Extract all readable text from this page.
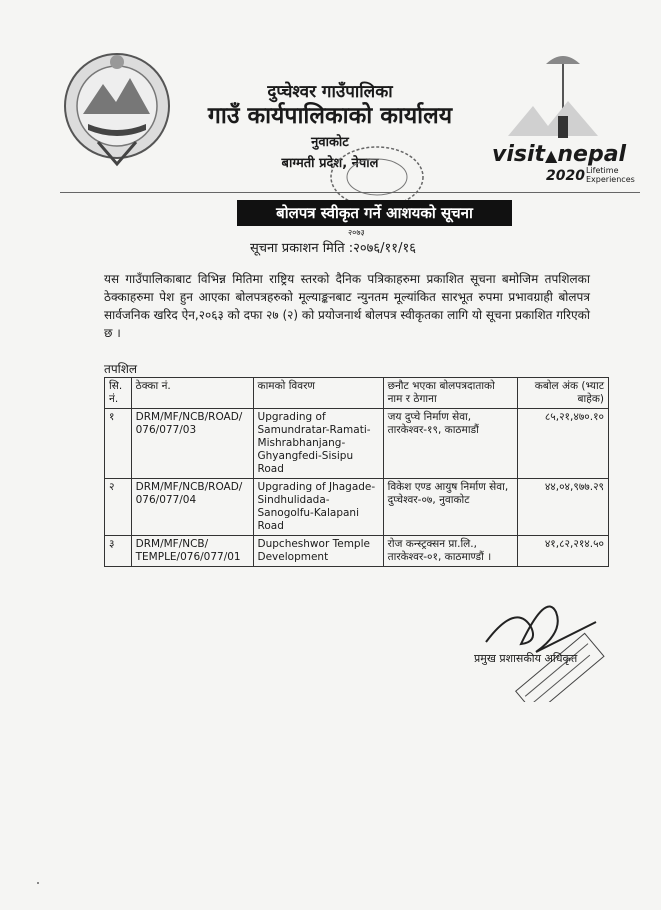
दुप्चेश्वर गाउँपालिका
गाउँ कार्यपालिकाको कार्यालय
नुवाकोट
बाग्मती प्रदेश, नेपाल	visit▲nepal
2020 Lifetime
Experiences
बोलपत्र स्वीकृत गर्ने आशयको सूचना
२०७३
सूचना प्रकाशन मिति :२०७६/११/१६
यस गाउँपालिकाबाट विभिन्न मितिमा राष्ट्रिय स्तरको दैनिक पत्रिकाहरुमा प्रकाशित सूचना बमोजिम तपशिलका ठेक्काहरुमा पेश हुन आएका बोलपत्रहरुको मूल्याङ्कनबाट न्युनतम मूल्यांकित सारभूत रुपमा प्रभावग्राही बोलपत्र सार्वजनिक खरिद ऐन,२०६३ को दफा २७ (२) को प्रयोजनार्थ बोलपत्र स्वीकृतका लागि यो सूचना प्रकाशित गरिएको छ ।
तपशिल
सि. नं.	ठेक्का नं.	कामको विवरण	छनौट भएका बोलपत्रदाताको नाम र ठेगाना	कबोल अंक (भ्याट बाहेक)
१	DRM/MF/NCB/ROAD/ 076/077/03	Upgrading of Samundratar-Ramati-Mishrabhanjang-Ghyangfedi-Sisipu Road	जय दुप्चे निर्माण सेवा, तारकेश्वर-१९, काठमाडौं	८५,२१,४७०.१०
२	DRM/MF/NCB/ROAD/ 076/077/04	Upgrading of Jhagade-Sindhulidada-Sanogolfu-Kalapani Road	विकेश एण्ड आयुष निर्माण सेवा, दुप्चेश्वर-०७, नुवाकोट	४४,०४,९७७.२९
३	DRM/MF/NCB/ TEMPLE/076/077/01	Dupcheshwor Temple Development	रोज कन्स्ट्रक्सन प्रा.लि., तारकेश्वर-०१, काठमाण्डौं ।	४१,८२,२१४.५०
प्रमुख प्रशासकीय अधिकृत
